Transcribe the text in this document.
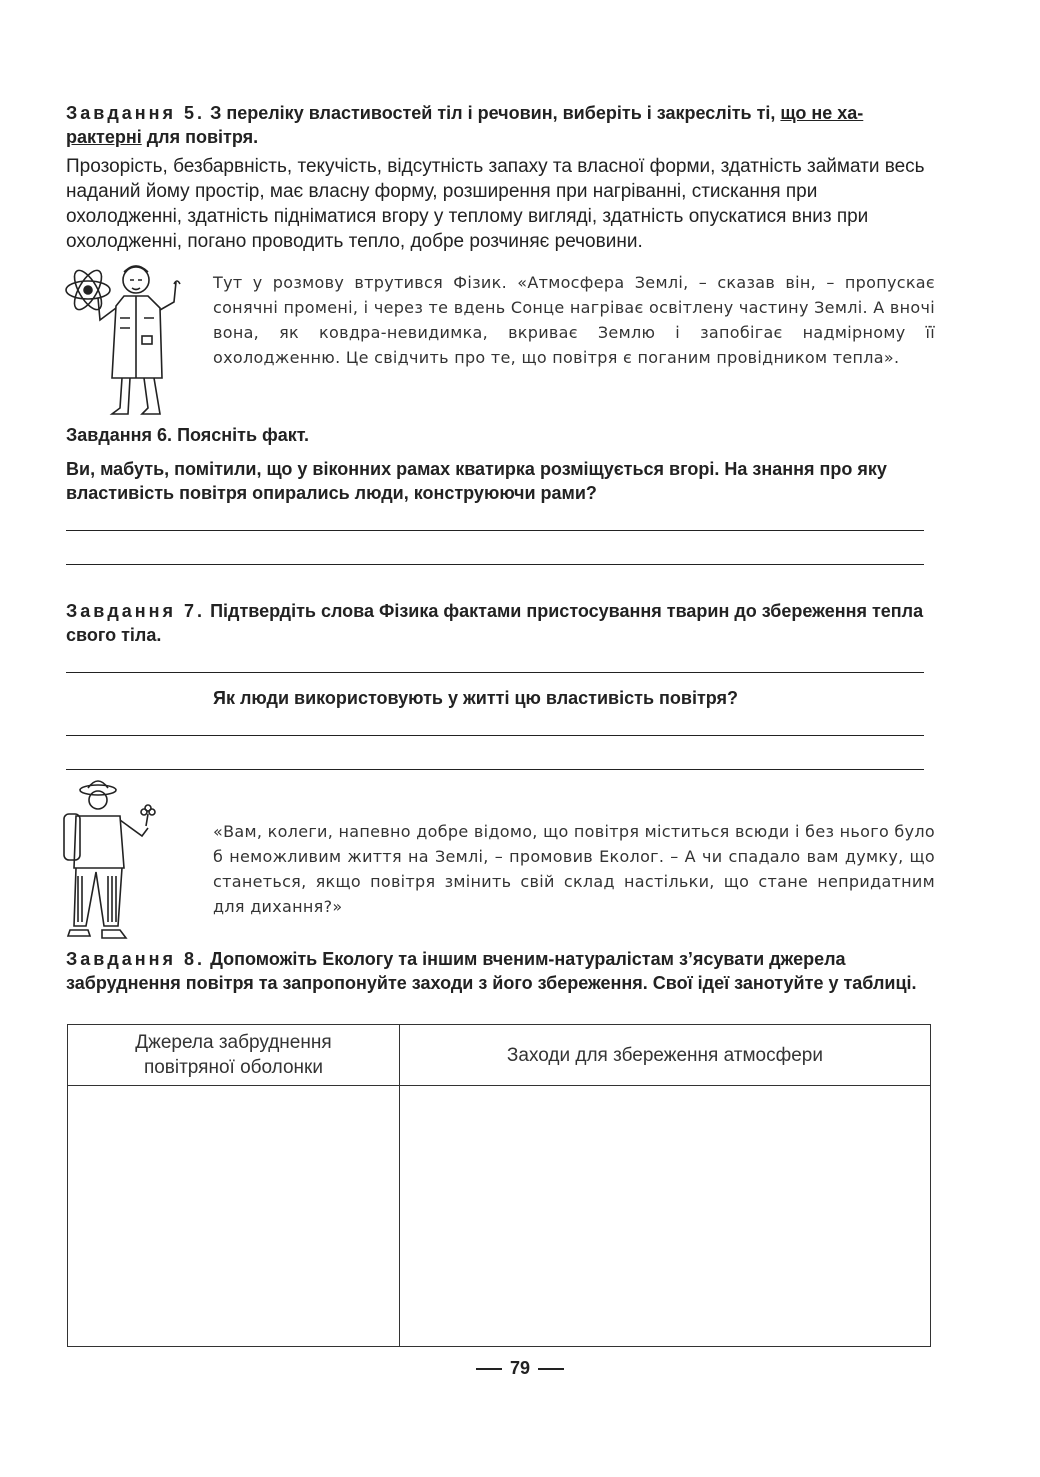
Завдання 5. З переліку властивостей тіл і речовин, виберіть і закресліть ті, що не ха-
рактерні для повітря.
Прозорість, безбарвність, текучість, відсутність запаху та власної форми, здатність займати весь наданий йому простір, має власну форму, розширення при нагріванні, стискання при охолодженні, здатність підніматися вгору у теплому вигляді, здатність опускатися вниз при охолодженні, погано проводить тепло, добре розчиняє речовини.
Тут у розмову втрутився Фізик. «Атмосфера Землі, – сказав він, – пропускає сонячні промені, і через те вдень Сонце нагріває освітлену частину Землі. А вночі вона, як ковдра-невидимка, вкриває Землю і запобігає надмірному її охолодженню. Це свідчить про те, що повітря є поганим провідником тепла».
Завдання 6. Поясніть факт.
Ви, мабуть, помітили, що у віконних рамах кватирка розміщується вгорі. На знання про яку властивість повітря опирались люди, конструюючи рами?
Завдання 7. Підтвердіть слова Фізика фактами пристосування тварин до збереження тепла свого тіла.
Як люди використовують у житті цю властивість повітря?
«Вам, колеги, напевно добре відомо, що повітря міститься всюди і без нього було б неможливим життя на Землі, – промовив Еколог. – А чи спадало вам думку, що станеться, якщо повітря змінить свій склад настільки, що стане непридатним для дихання?»
Завдання 8. Допоможіть Екологу та іншим вченим-натуралістам з’ясувати джерела забруднення повітря та запропонуйте заходи з його збереження. Свої ідеї занотуйте у таблиці.
Джерела забруднення
повітряної оболонки	Заходи для збереження атмосфери

79
